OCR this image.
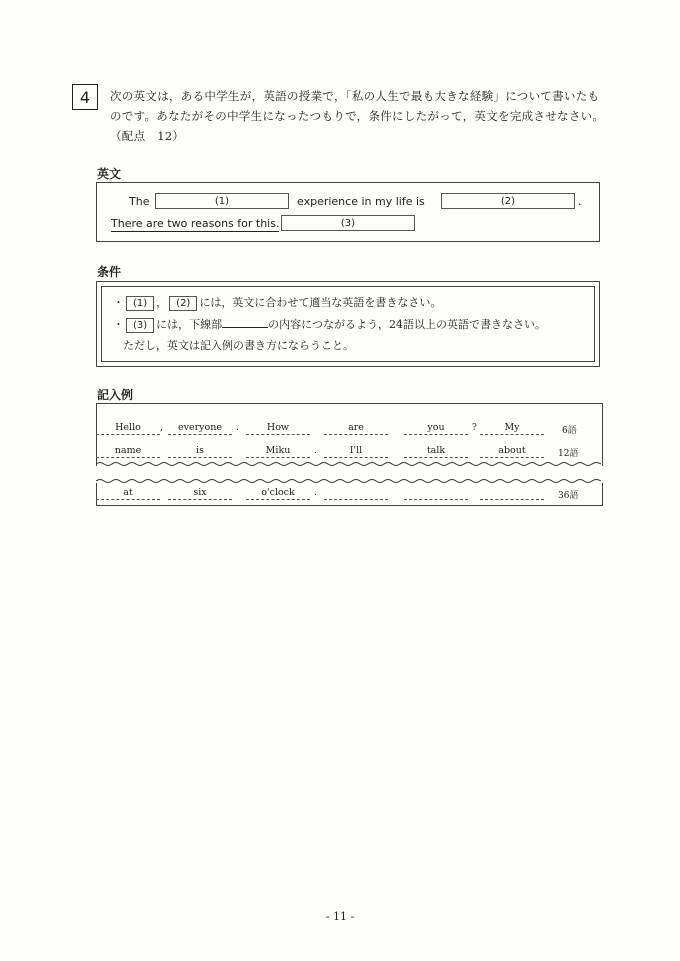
4	次の英文は，ある中学生が，英語の授業で，「私の人生で最も大きな経験」について書いたものです。あなたがその中学生になったつもりで，条件にしたがって，英文を完成させなさい。（配点　12）
英文
The	(1)	experience in my life is	(2)	.
There are two reasons for this.	(3)
条件
・ (1) ， (2) には，英文に合わせて適当な英語を書きなさい。
・ (3) には，下線部	の内容につながるよう，24語以上の英語で書きなさい。
ただし，英文は記入例の書き方にならうこと。
記入例
Hello	,	everyone	.	How	are	you	?	My	6語
name	is	Miku	.	I'll	talk	about	12語
at	six	o'clock	.	36語
- 11 -
